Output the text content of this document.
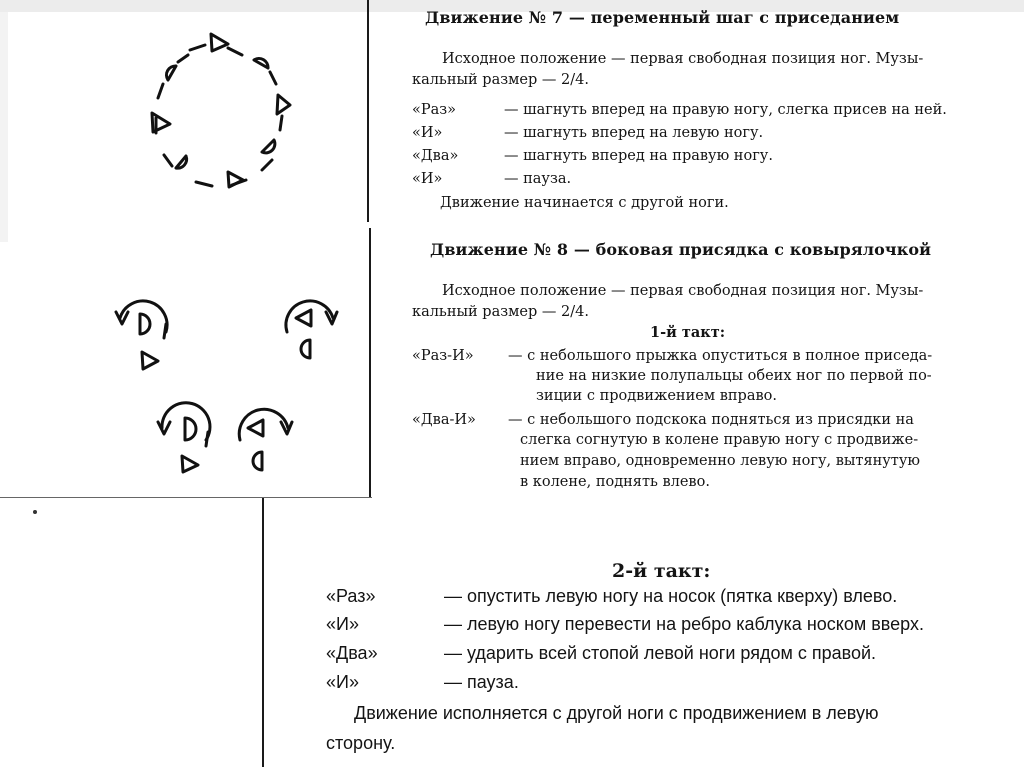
Движение № 7 — переменный шаг с приседанием
Исходное положение — первая свободная позиция ног. Музы-
кальный размер — 2/4.
«Раз»	— шагнуть вперед на правую ногу, слегка присев на ней.
«И»	— шагнуть вперед на левую ногу.
«Два»	— шагнуть вперед на правую ногу.
«И»	— пауза.
Движение начинается с другой ноги.
Движение № 8 — боковая присядка с ковырялочкой
Исходное положение — первая свободная позиция ног. Музы-
кальный размер — 2/4.
1-й такт:
«Раз-И» — с небольшого прыжка опуститься в полное приседа-
ние на низкие полупальцы обеих ног по первой по-
зиции с продвижением вправо.
«Два-И» — с небольшого подскока подняться из присядки на
слегка согнутую в колене правую ногу с продвиже-
нием вправо, одновременно левую ногу, вытянутую
в колене, поднять влево.
2-й такт:
«Раз»	— опустить левую ногу на носок (пятка кверху) влево.
«И»	— левую ногу перевести на ребро каблука носком вверх.
«Два»	— ударить всей стопой левой ноги рядом с правой.
«И»	— пауза.
Движение исполняется с другой ноги с продвижением в левую
сторону.
